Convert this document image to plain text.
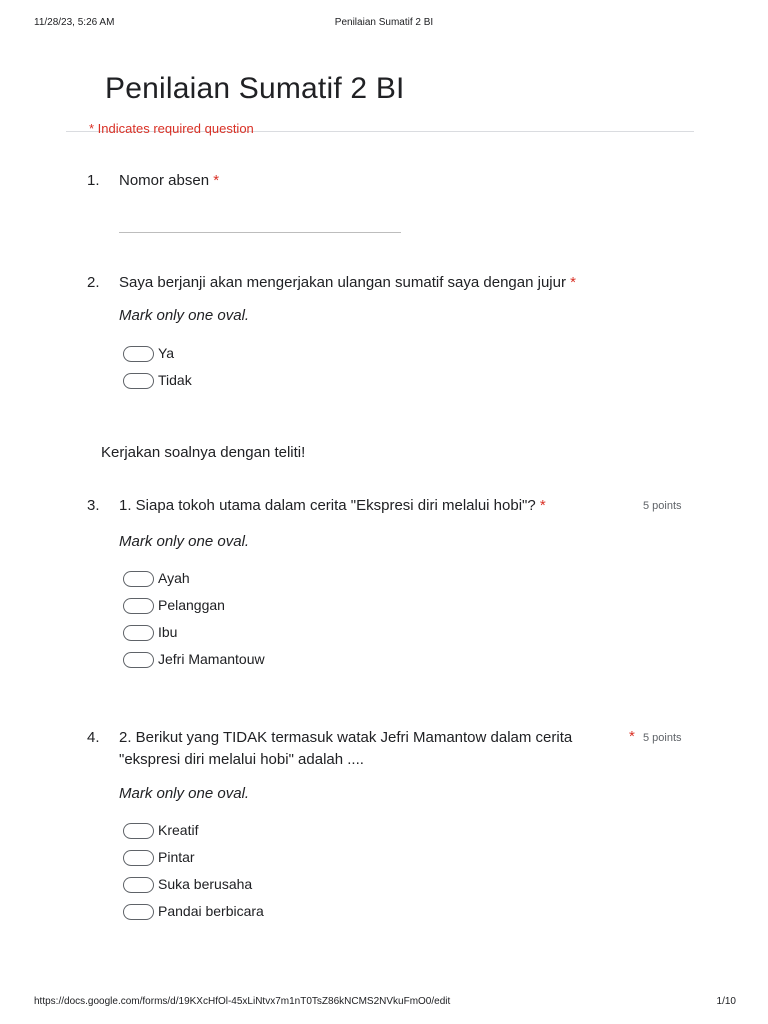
11/28/23, 5:26 AM	Penilaian Sumatif 2 BI
Penilaian Sumatif 2 BI
* Indicates required question
1. Nomor absen *
2. Saya berjanji akan mengerjakan ulangan sumatif saya dengan jujur *
Mark only one oval.
Ya
Tidak
Kerjakan soalnya dengan teliti!
3. 1. Siapa tokoh utama dalam cerita "Ekspresi diri melalui hobi"? *	5 points
Mark only one oval.
Ayah
Pelanggan
Ibu
Jefri Mamantouw
4. 2. Berikut yang TIDAK termasuk watak Jefri Mamantow dalam cerita
"ekspresi diri melalui hobi" adalah ....
* 5 points
Mark only one oval.
Kreatif
Pintar
Suka berusaha
Pandai berbicara
https://docs.google.com/forms/d/19KXcHfOl-45xLiNtvx7m1nT0TsZ86kNCMS2NVkuFmO0/edit	1/10
